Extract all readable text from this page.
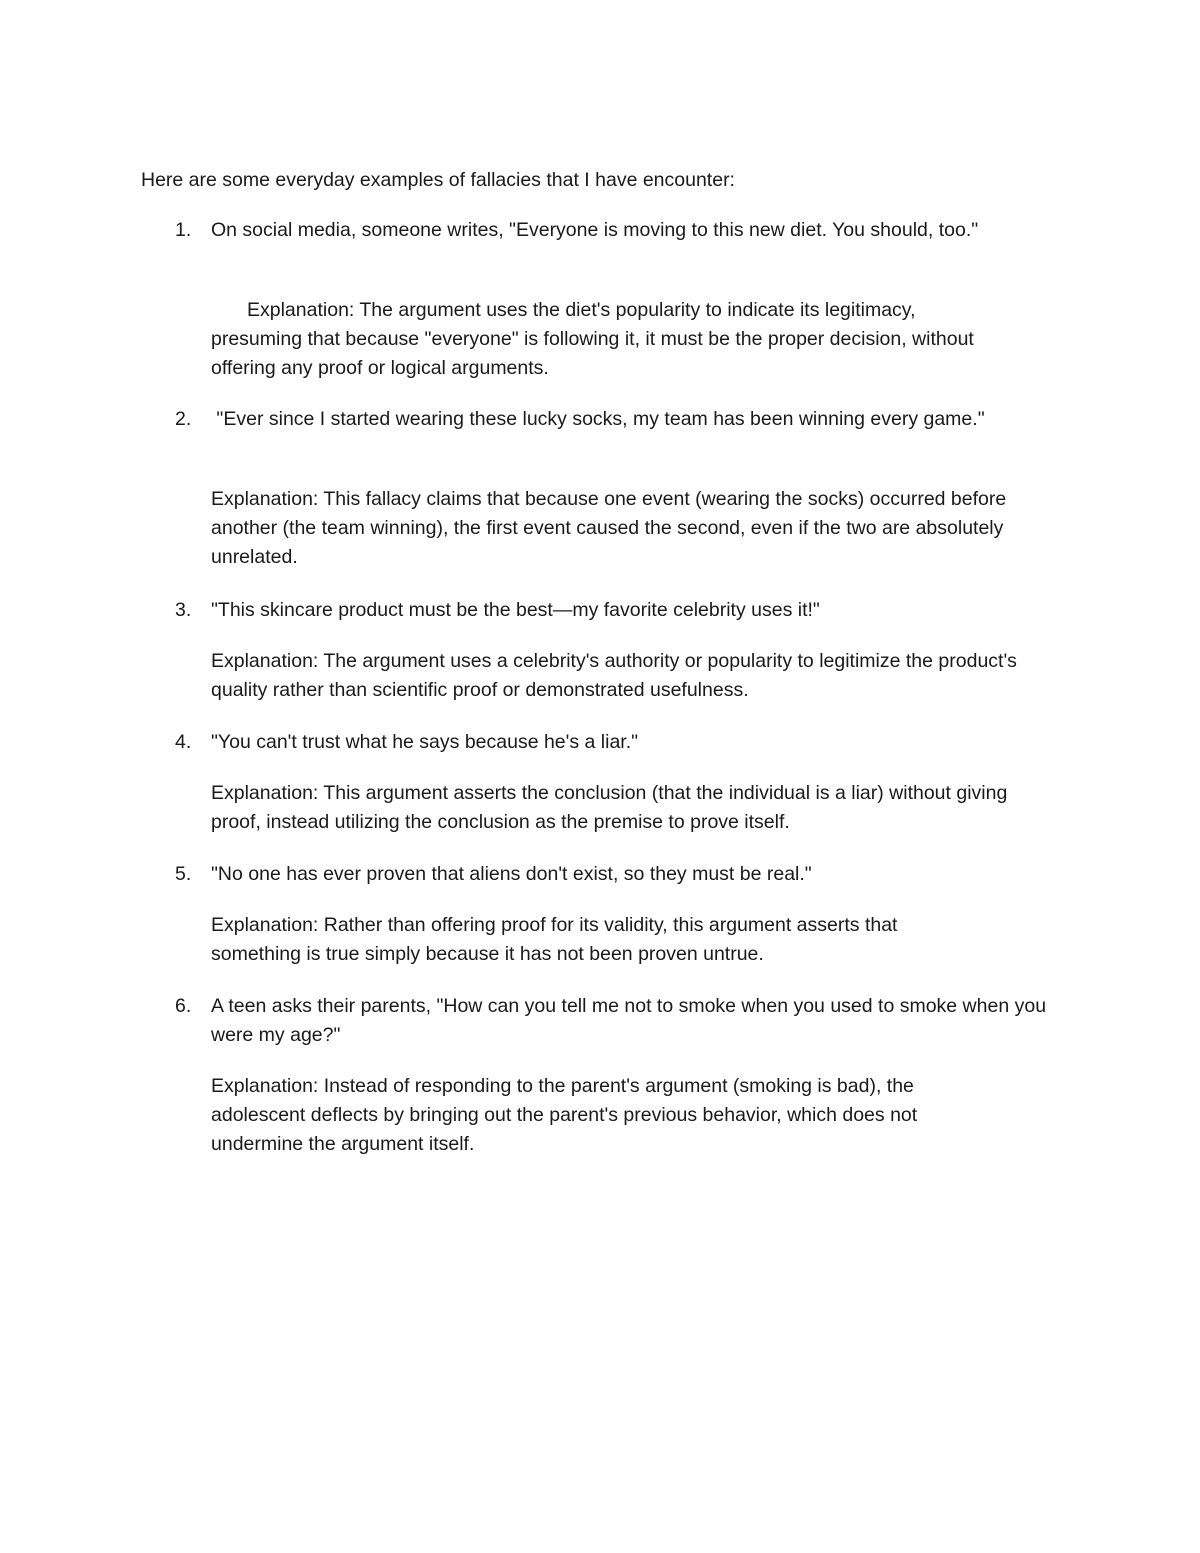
Here are some everyday examples of fallacies that I have encounter:
1. On social media, someone writes, "Everyone is moving to this new diet. You should, too."
Explanation: The argument uses the diet's popularity to indicate its legitimacy, presuming that because "everyone" is following it, it must be the proper decision, without offering any proof or logical arguments.
2. "Ever since I started wearing these lucky socks, my team has been winning every game."
Explanation: This fallacy claims that because one event (wearing the socks) occurred before another (the team winning), the first event caused the second, even if the two are absolutely unrelated.
3. "This skincare product must be the best—my favorite celebrity uses it!"
Explanation: The argument uses a celebrity's authority or popularity to legitimize the product's quality rather than scientific proof or demonstrated usefulness.
4. "You can't trust what he says because he's a liar."
Explanation: This argument asserts the conclusion (that the individual is a liar) without giving proof, instead utilizing the conclusion as the premise to prove itself.
5. "No one has ever proven that aliens don't exist, so they must be real."
Explanation: Rather than offering proof for its validity, this argument asserts that something is true simply because it has not been proven untrue.
6. A teen asks their parents, "How can you tell me not to smoke when you used to smoke when you were my age?"
Explanation: Instead of responding to the parent's argument (smoking is bad), the adolescent deflects by bringing out the parent's previous behavior, which does not undermine the argument itself.
